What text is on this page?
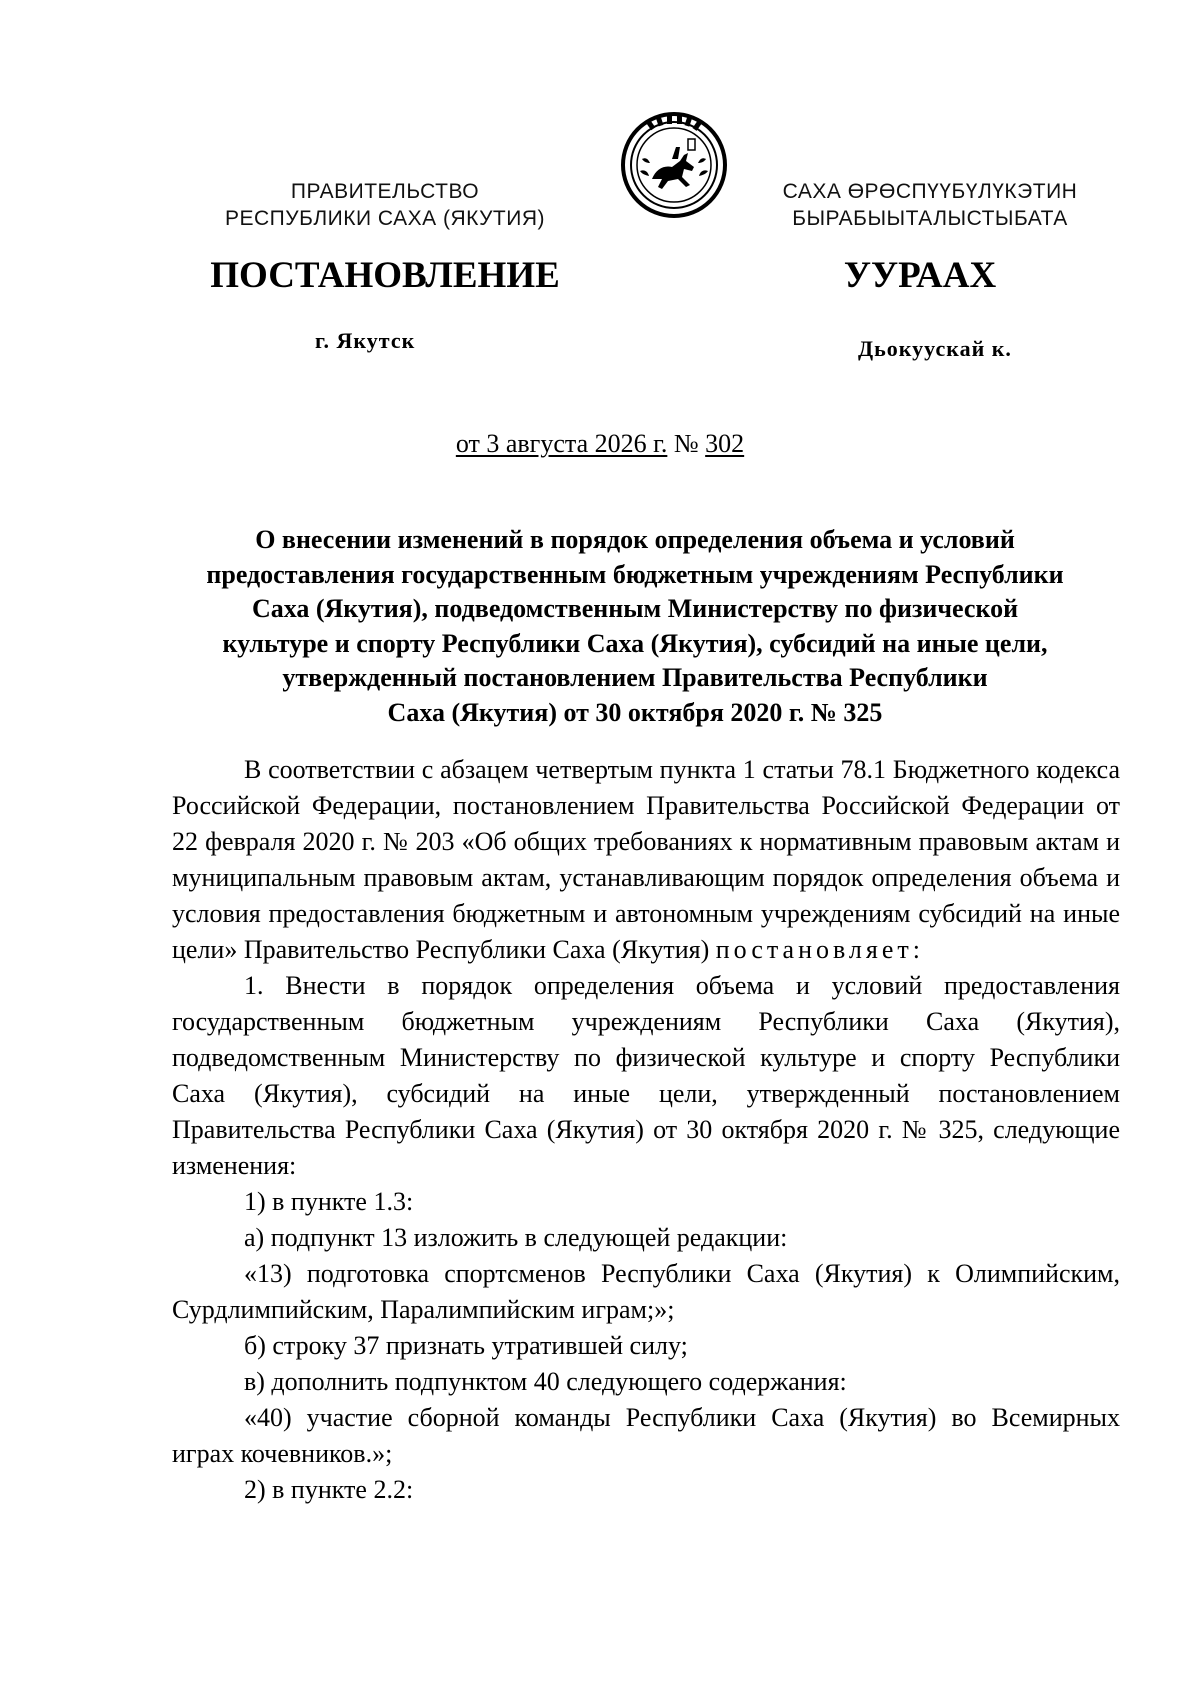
ПРАВИТЕЛЬСТВО
РЕСПУБЛИКИ САХА (ЯКУТИЯ)
САХА ӨРӨСПҮҮБҮЛҮКЭТИН
БЫРАБЫЫТАЛЫСТЫБАТА
ПОСТАНОВЛЕНИЕ	УУРААХ
г. Якутск	Дьокуускай к.
от 3 августа 2026 г. № 302
О внесении изменений в порядок определения объема и условий
предоставления государственным бюджетным учреждениям Республики
Саха (Якутия), подведомственным Министерству по физической
культуре и спорту Республики Саха (Якутия), субсидий на иные цели,
утвержденный постановлением Правительства Республики
Саха (Якутия) от 30 октября 2020 г. № 325

В соответствии с абзацем четвертым пункта 1 статьи 78.1 Бюджетного кодекса Российской Федерации, постановлением Правительства Российской Федерации от 22 февраля 2020 г. № 203 «Об общих требованиях к нормативным правовым актам и муниципальным правовым актам, устанавливающим порядок определения объема и условия предоставления бюджетным и автономным учреждениям субсидий на иные цели» Правительство Республики Саха (Якутия) постановляет:

1. Внести в порядок определения объема и условий предоставления государственным бюджетным учреждениям Республики Саха (Якутия), подведомственным Министерству по физической культуре и спорту Республики Саха (Якутия), субсидий на иные цели, утвержденный постановлением Правительства Республики Саха (Якутия) от 30 октября 2020 г. № 325, следующие изменения:

1) в пункте 1.3:

а) подпункт 13 изложить в следующей редакции:

«13) подготовка спортсменов Республики Саха (Якутия) к Олимпийским, Сурдлимпийским, Паралимпийским играм;»;

б) строку 37 признать утратившей силу;

в) дополнить подпунктом 40 следующего содержания:

«40) участие сборной команды Республики Саха (Якутия) во Всемирных играх кочевников.»;

2) в пункте 2.2:
